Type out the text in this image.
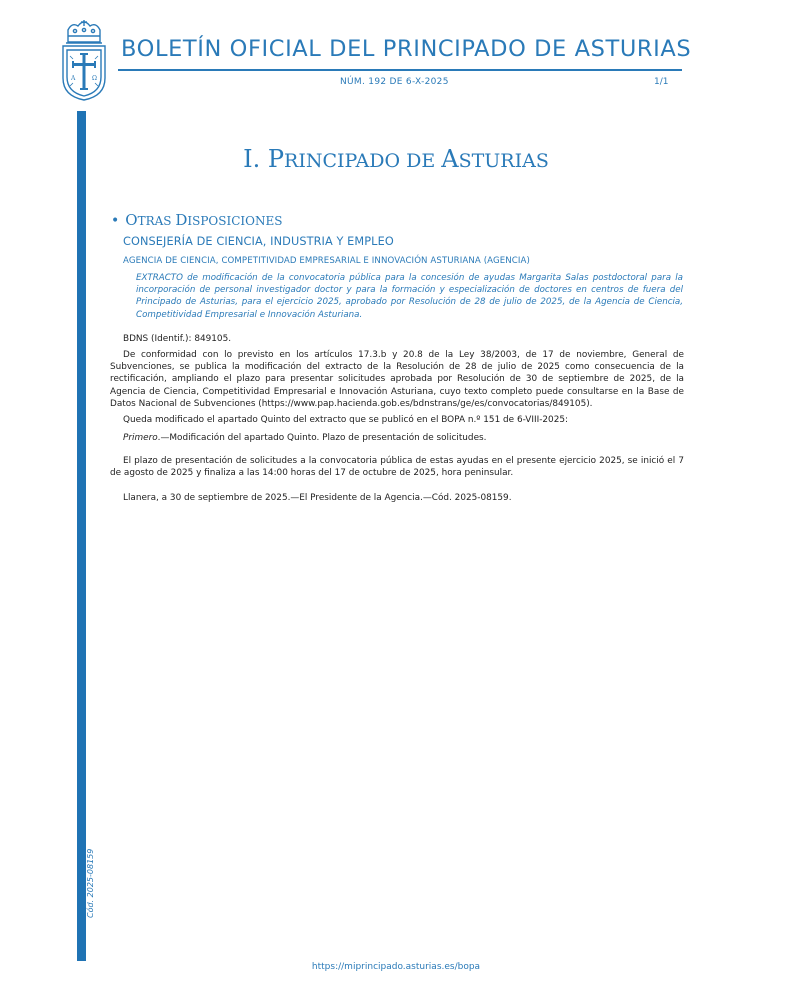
A	Ω
BOLETÍN OFICIAL DEL PRINCIPADO DE ASTURIAS
NÚM. 192 DE 6-X-2025	1/1
Cód. 2025-08159
I. PRINCIPADO DE ASTURIAS
• OTRAS DISPOSICIONES
CONSEJERÍA DE CIENCIA, INDUSTRIA Y EMPLEO
AGENCIA DE CIENCIA, COMPETITIVIDAD EMPRESARIAL E INNOVACIÓN ASTURIANA (AGENCIA)
EXTRACTO de modificación de la convocatoria pública para la concesión de ayudas Margarita Salas postdoctoral para la incorporación de personal investigador doctor y para la formación y especialización de doctores en centros de fuera del Principado de Asturias, para el ejercicio 2025, aprobado por Resolución de 28 de julio de 2025, de la Agencia de Ciencia, Competitividad Empresarial e Innovación Asturiana.
BDNS (Identif.): 849105.
De conformidad con lo previsto en los artículos 17.3.b y 20.8 de la Ley 38/2003, de 17 de noviembre, General de Subvenciones, se publica la modificación del extracto de la Resolución de 28 de julio de 2025 como consecuencia de la rectificación, ampliando el plazo para presentar solicitudes aprobada por Resolución de 30 de septiembre de 2025, de la Agencia de Ciencia, Competitividad Empresarial e Innovación Asturiana, cuyo texto completo puede consultarse en la Base de Datos Nacional de Subvenciones (https://www.pap.hacienda.gob.es/bdnstrans/ge/es/convocatorias/849105).
Queda modificado el apartado Quinto del extracto que se publicó en el BOPA n.º 151 de 6-VIII-2025:
Primero.—Modificación del apartado Quinto. Plazo de presentación de solicitudes.
El plazo de presentación de solicitudes a la convocatoria pública de estas ayudas en el presente ejercicio 2025, se inició el 7 de agosto de 2025 y finaliza a las 14:00 horas del 17 de octubre de 2025, hora peninsular.
Llanera, a 30 de septiembre de 2025.—El Presidente de la Agencia.—Cód. 2025-08159.
https://miprincipado.asturias.es/bopa
